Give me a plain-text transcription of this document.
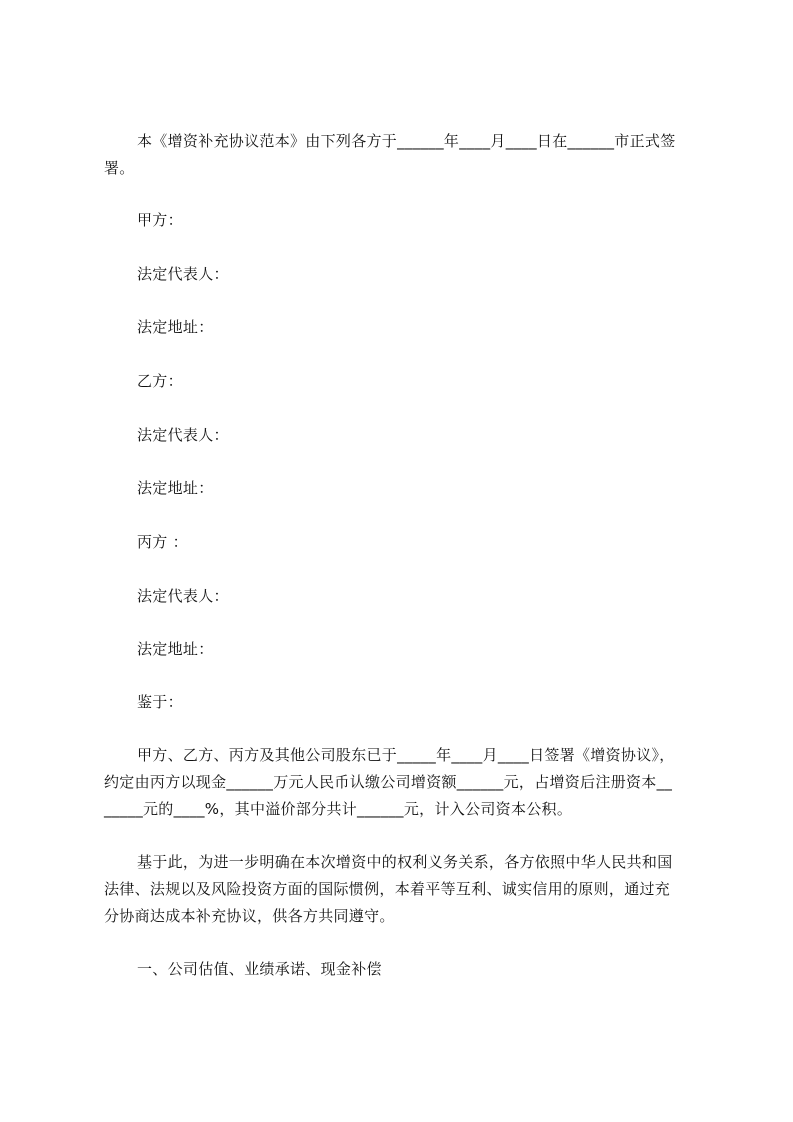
本《增资补充协议范本》由下列各方于______年____月____日在______市正式签
署。
甲方：
法定代表人：
法定地址：
乙方：
法定代表人：
法定地址：
丙方 ：
法定代表人：
法定地址：
鉴于：
甲方、乙方、丙方及其他公司股东已于_____年____月____日签署《增资协议》，
约定由丙方以现金______万元人民币认缴公司增资额______元，占增资后注册资本__
_____元的____%，其中溢价部分共计______元，计入公司资本公积。
基于此，为进一步明确在本次增资中的权利义务关系，各方依照中华人民共和国
法律、法规以及风险投资方面的国际惯例，本着平等互利、诚实信用的原则，通过充
分协商达成本补充协议，供各方共同遵守。
一、公司估值、业绩承诺、现金补偿
